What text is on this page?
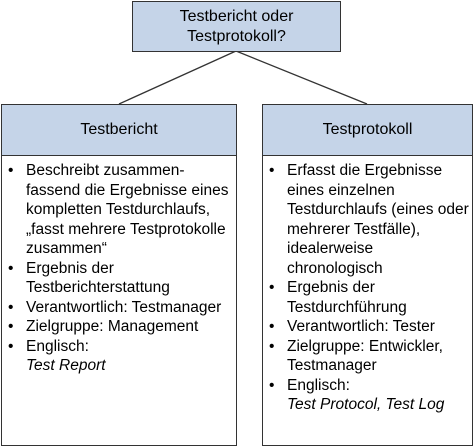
Testbericht oder Testprotokoll?
Testbericht
• Beschreibt zusammen-fassend die Ergebnisse eines kompletten Testdurchlaufs, „fasst mehrere Testprotokolle zusammen“
• Ergebnis der Testberichterstattung
• Verantwortlich: Testmanager
• Zielgruppe: Management
• Englisch:
Test Report
Testprotokoll
• Erfasst die Ergebnisse eines einzelnen Testdurchlaufs (eines oder mehrerer Testfälle), idealerweise chronologisch
• Ergebnis der Testdurchführung
• Verantwortlich: Tester
• Zielgruppe: Entwickler, Testmanager
• Englisch:
Test Protocol, Test Log
